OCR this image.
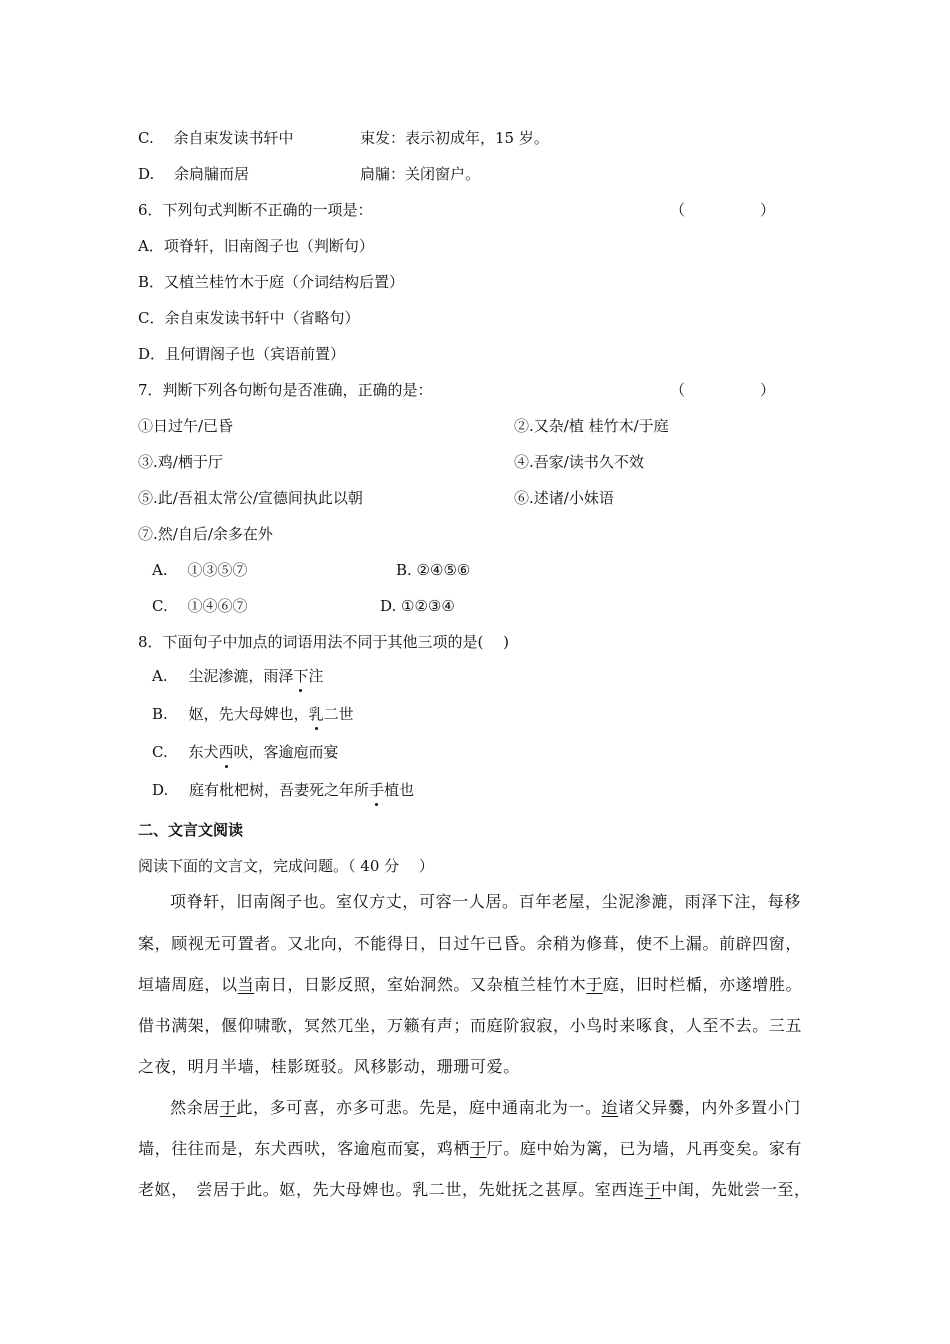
C.　 余自束发读书轩中	束发：表示初成年，15 岁。
D.　 余扃牖而居	扃牖：关闭窗户。
6．下列句式判断不正确的一项是：	（　　　　　）
A．项脊轩，旧南阁子也（判断句）
B．又植兰桂竹木于庭（介词结构后置）
C．余自束发读书轩中（省略句）
D．且何谓阁子也（宾语前置）
7．判断下列各句断句是否准确，正确的是：	（　　　　　）
①日过午/已昏	②.又杂/植 桂竹木/于庭
③.鸡/栖于厅	④.吾家/读书久不效
⑤.此/吾祖太常公/宣德间执此以朝	⑥.述诸/小妹语
⑦.然/自后/余多在外
A.　 ①③⑤⑦	B. ②④⑤⑥
C.　 ①④⑥⑦	D. ①②③④
8．下面句子中加点的词语用法不同于其他三项的是(　 )
A. 尘泥渗漉，雨泽下注
B. 妪，先大母婢也，乳二世
C. 东犬西吠，客逾庖而宴
D. 庭有枇杷树，吾妻死之年所手植也
二、文言文阅读
阅读下面的文言文，完成问题。（ 40 分　 ）
项脊轩，旧南阁子也。室仅方丈，可容一人居。百年老屋，尘泥渗漉，雨泽下注，每移
案，顾视无可置者。又北向，不能得日，日过午已昏。余稍为修葺，使不上漏。前辟四窗，
垣墙周庭，以当南日，日影反照，室始洞然。又杂植兰桂竹木于庭，旧时栏楯，亦遂增胜。
借书满架，偃仰啸歌，冥然兀坐，万籁有声；而庭阶寂寂，小鸟时来啄食，人至不去。三五
之夜，明月半墙，桂影斑驳。风移影动，珊珊可爱。
然余居于此，多可喜，亦多可悲。先是，庭中通南北为一。迨诸父异爨，内外多置小门
墙，往往而是，东犬西吠，客逾庖而宴，鸡栖于厅。庭中始为篱，已为墙，凡再变矣。家有
老妪，　尝居于此。妪，先大母婢也。乳二世，先妣抚之甚厚。室西连于中闺，先妣尝一至，
